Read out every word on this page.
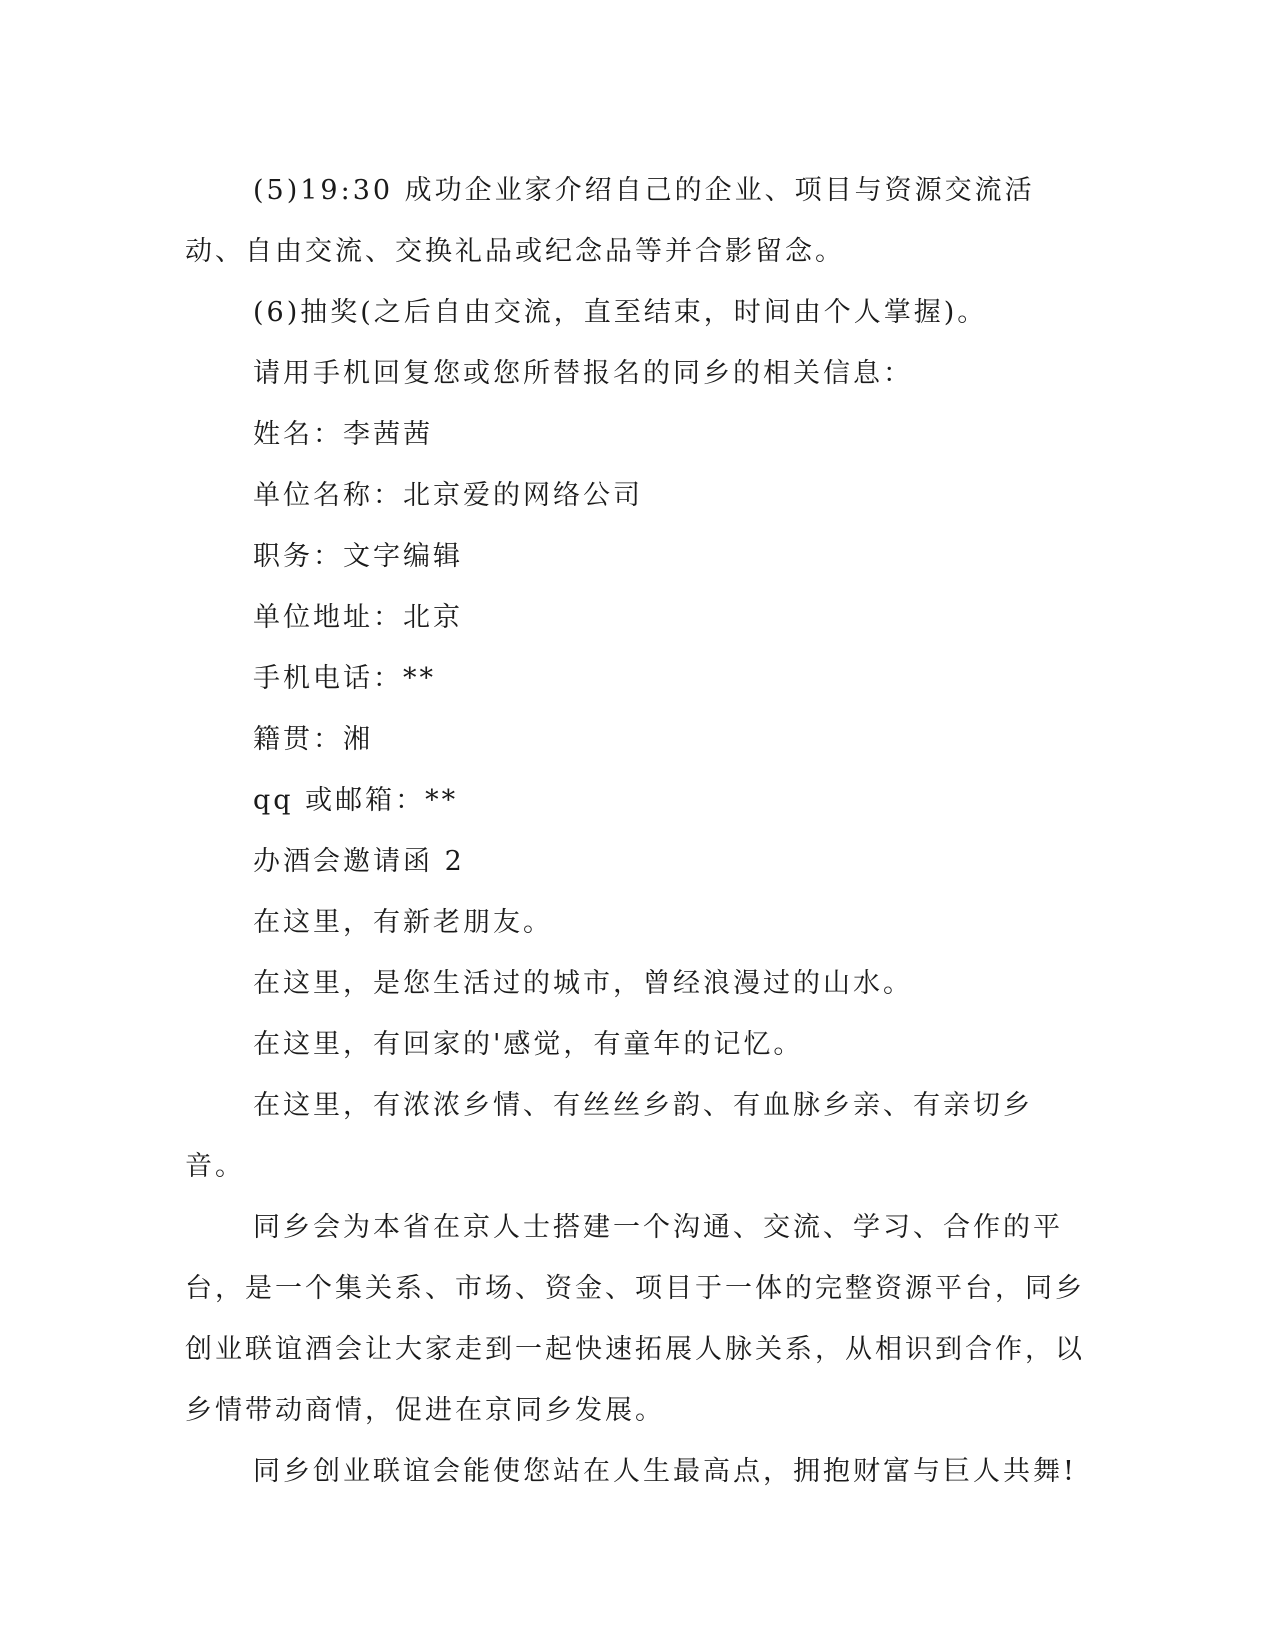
(5)19:30 成功企业家介绍自己的企业、项目与资源交流活动、自由交流、交换礼品或纪念品等并合影留念。

(6)抽奖(之后自由交流，直至结束，时间由个人掌握)。

请用手机回复您或您所替报名的同乡的相关信息：

姓名：李茜茜

单位名称：北京爱的网络公司

职务：文字编辑

单位地址：北京

手机电话：**

籍贯：湘

qq 或邮箱：**

办酒会邀请函 2

在这里，有新老朋友。

在这里，是您生活过的城市，曾经浪漫过的山水。

在这里，有回家的'感觉，有童年的记忆。

在这里，有浓浓乡情、有丝丝乡韵、有血脉乡亲、有亲切乡音。

同乡会为本省在京人士搭建一个沟通、交流、学习、合作的平台，是一个集关系、市场、资金、项目于一体的完整资源平台，同乡创业联谊酒会让大家走到一起快速拓展人脉关系，从相识到合作，以乡情带动商情，促进在京同乡发展。

同乡创业联谊会能使您站在人生最高点，拥抱财富与巨人共舞!
